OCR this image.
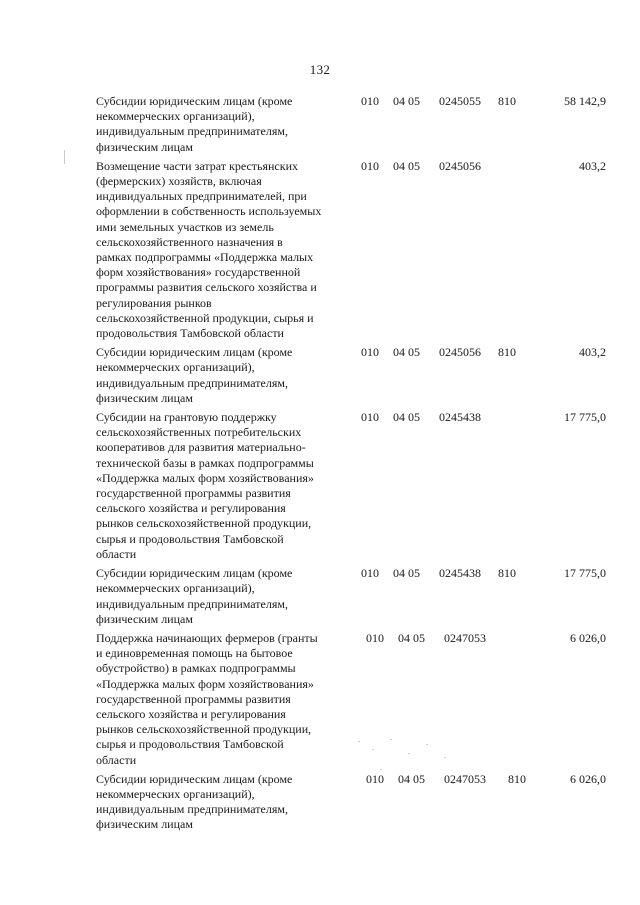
132
Субсидии юридическим лицам (кроме
некоммерческих организаций),
индивидуальным предпринимателям,
физическим лицам
010 04 05 0245055 810	58 142,9
Возмещение части затрат крестьянских
(фермерских) хозяйств, включая
индивидуальных предпринимателей, при
оформлении в собственность используемых
ими земельных участков из земель
сельскохозяйственного назначения в
рамках подпрограммы «Поддержка малых
форм хозяйствования» государственной
программы развития сельского хозяйства и
регулирования рынков
сельскохозяйственной продукции, сырья и
продовольствия Тамбовской области
010 04 05 0245056	403,2
Субсидии юридическим лицам (кроме
некоммерческих организаций),
индивидуальным предпринимателям,
физическим лицам
010 04 05 0245056 810	403,2
Субсидии на грантовую поддержку
сельскохозяйственных потребительских
кооперативов для развития материально-
технической базы в рамках подпрограммы
«Поддержка малых форм хозяйствования»
государственной программы развития
сельского хозяйства и регулирования
рынков сельскохозяйственной продукции,
сырья и продовольствия Тамбовской
области
010 04 05 0245438	17 775,0
Субсидии юридическим лицам (кроме
некоммерческих организаций),
индивидуальным предпринимателям,
физическим лицам
010 04 05 0245438 810	17 775,0
Поддержка начинающих фермеров (гранты
и единовременная помощь на бытовое
обустройство) в рамках подпрограммы
«Поддержка малых форм хозяйствования»
государственной программы развития
сельского хозяйства и регулирования
рынков сельскохозяйственной продукции,
сырья и продовольствия Тамбовской
области
010 04 05 0247053	6 026,0
Субсидии юридическим лицам (кроме
некоммерческих организаций),
индивидуальным предпринимателям,
физическим лицам
010 04 05 0247053 810	6 026,0
